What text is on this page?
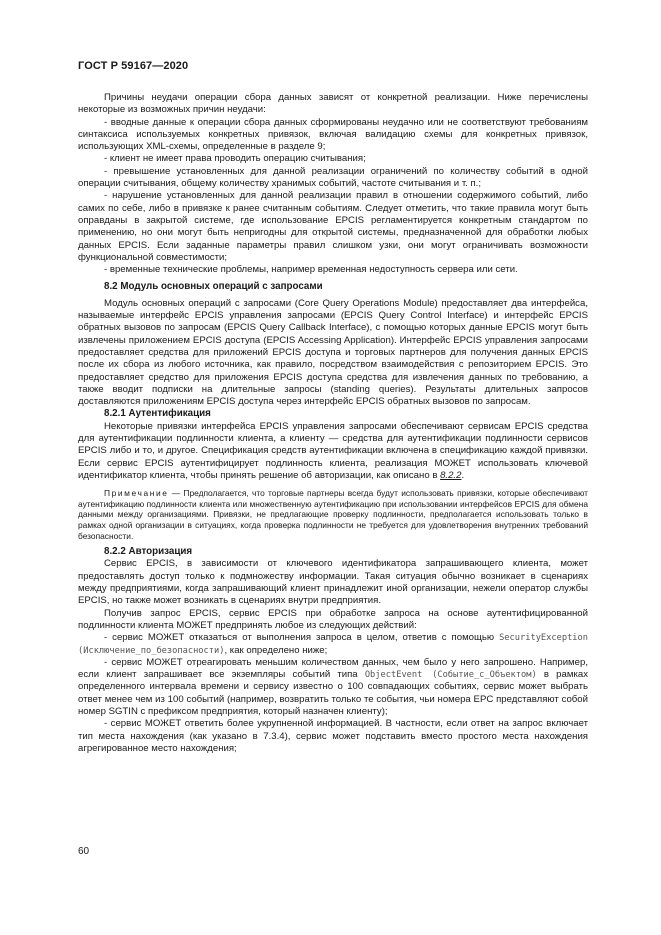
ГОСТ Р 59167—2020

Причины неудачи операции сбора данных зависят от конкретной реализации. Ниже перечислены некоторые из возможных причин неудачи:

- вводные данные к операции сбора данных сформированы неудачно или не соответствуют требованиям синтаксиса используемых конкретных привязок, включая валидацию схемы для конкретных привязок, использующих XML-схемы, определенные в разделе 9;

- клиент не имеет права проводить операцию считывания;

- превышение установленных для данной реализации ограничений по количеству событий в одной операции считывания, общему количеству хранимых событий, частоте считывания и т. п.;

- нарушение установленных для данной реализации правил в отношении содержимого событий, либо самих по себе, либо в привязке к ранее считанным событиям. Следует отметить, что такие правила могут быть оправданы в закрытой системе, где использование EPCIS регламентируется конкретным стандартом по применению, но они могут быть непригодны для открытой системы, предназначенной для обработки любых данных EPCIS. Если заданные параметры правил слишком узки, они могут ограничивать возможности функциональной совместимости;

- временные технические проблемы, например временная недоступность сервера или сети.

8.2 Модуль основных операций с запросами

Модуль основных операций с запросами (Core Query Operations Module) предоставляет два интерфейса, называемые интерфейс EPCIS управления запросами (EPCIS Query Control Interface) и интерфейс EPCIS обратных вызовов по запросам (EPCIS Query Callback Interface), с помощью которых данные EPCIS могут быть извлечены приложением EPCIS доступа (EPCIS Accessing Application). Интерфейс EPCIS управления запросами предоставляет средства для приложений EPCIS доступа и торговых партнеров для получения данных EPCIS после их сбора из любого источника, как правило, посредством взаимодействия с репозиторием EPCIS. Это предоставляет средство для приложения EPCIS доступа средства для извлечения данных по требованию, а также вводит подписки на длительные запросы (standing queries). Результаты длительных запросов доставляются приложениям EPCIS доступа через интерфейс EPCIS обратных вызовов по запросам.

8.2.1 Аутентификация

Некоторые привязки интерфейса EPCIS управления запросами обеспечивают сервисам EPCIS средства для аутентификации подлинности клиента, а клиенту — средства для аутентификации подлинности сервисов EPCIS либо и то, и другое. Спецификация средств аутентификации включена в спецификацию каждой привязки. Если сервис EPCIS аутентифицирует подлинность клиента, реализация МОЖЕТ использовать ключевой идентификатор клиента, чтобы принять решение об авторизации, как описано в 8.2.2.

Примечание — Предполагается, что торговые партнеры всегда будут использовать привязки, которые обеспечивают аутентификацию подлинности клиента или множественную аутентификацию при использовании интерфейсов EPCIS для обмена данными между организациями. Привязки, не предлагающие проверку подлинности, предполагается использовать только в рамках одной организации в ситуациях, когда проверка подлинности не требуется для удовлетворения внутренних требований безопасности.

8.2.2 Авторизация

Сервис EPCIS, в зависимости от ключевого идентификатора запрашивающего клиента, может предоставлять доступ только к подмножеству информации. Такая ситуация обычно возникает в сценариях между предприятиями, когда запрашивающий клиент принадлежит иной организации, нежели оператор службы EPCIS, но также может возникать в сценариях внутри предприятия.

Получив запрос EPCIS, сервис EPCIS при обработке запроса на основе аутентифицированной подлинности клиента МОЖЕТ предпринять любое из следующих действий:

- сервис МОЖЕТ отказаться от выполнения запроса в целом, ответив с помощью SecurityException (Исключение_по_безопасности), как определено ниже;

- сервис МОЖЕТ отреагировать меньшим количеством данных, чем было у него запрошено. Например, если клиент запрашивает все экземпляры событий типа ObjectEvent (Событие_с_Объектом) в рамках определенного интервала времени и сервису известно о 100 совпадающих событиях, сервис может выбрать ответ менее чем из 100 событий (например, возвратить только те события, чьи номера EPC представляют собой номер SGTIN с префиксом предприятия, который назначен клиенту);

- сервис МОЖЕТ ответить более укрупненной информацией. В частности, если ответ на запрос включает тип места нахождения (как указано в 7.3.4), сервис может подставить вместо простого места нахождения агрегированное место нахождения;

60
